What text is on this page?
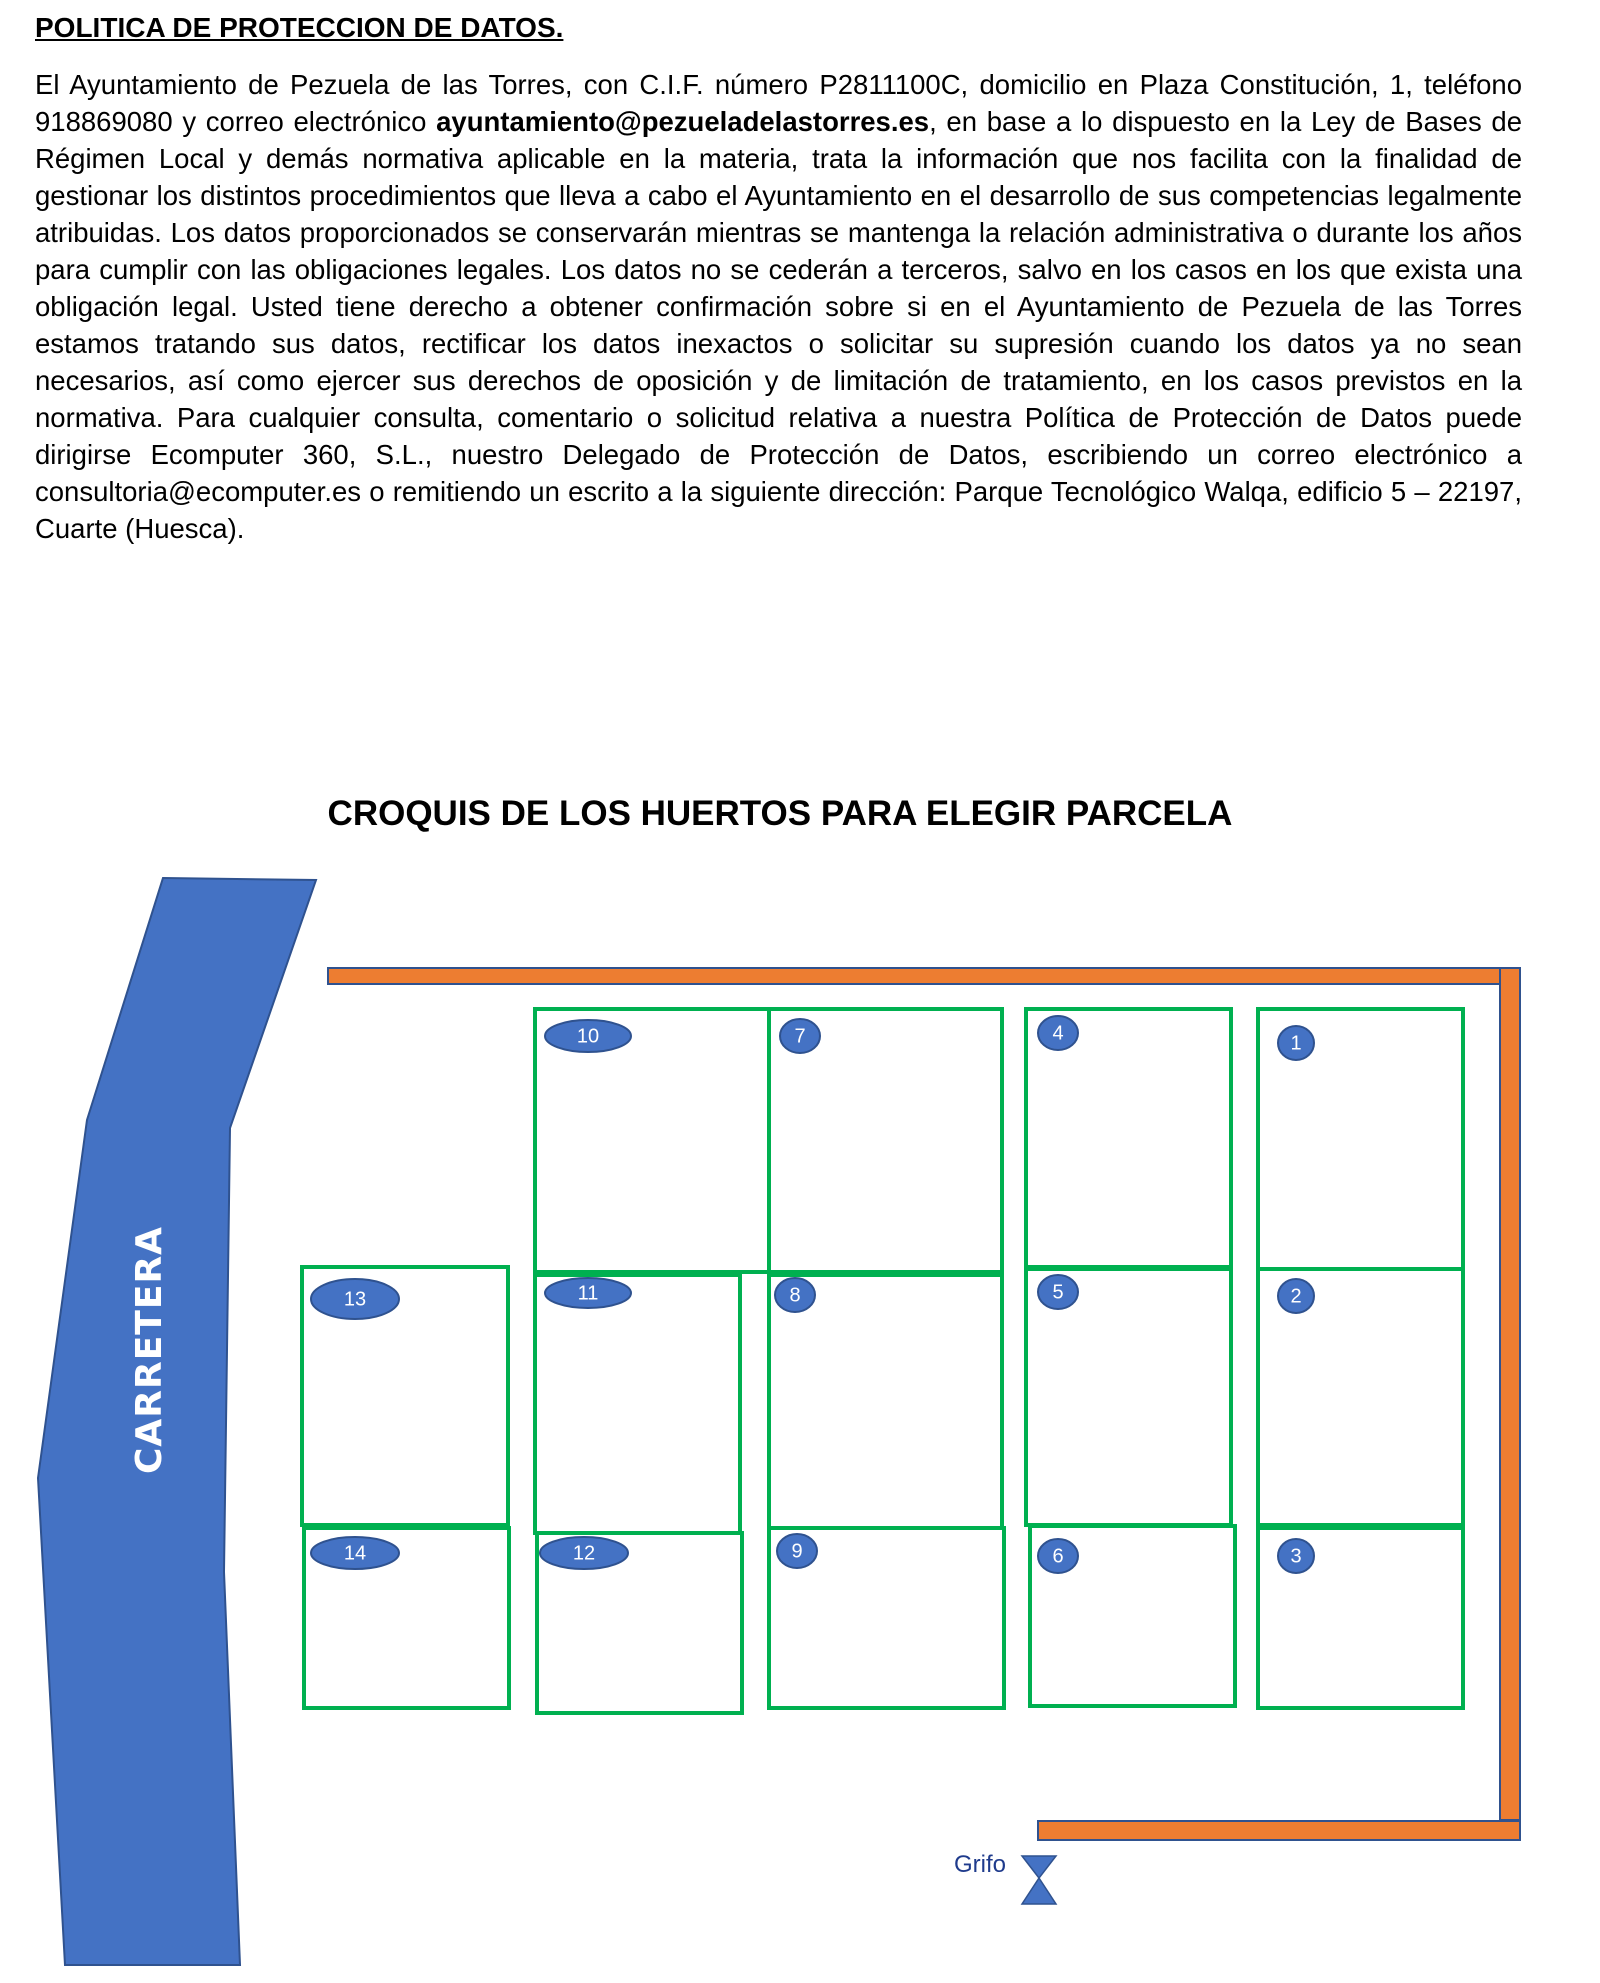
POLITICA DE PROTECCION DE DATOS.

El Ayuntamiento de Pezuela de las Torres, con C.I.F. número P2811100C, domicilio en Plaza Constitución, 1, teléfono 918869080 y correo electrónico ayuntamiento@pezueladelastorres.es, en base a lo dispuesto en la Ley de Bases de Régimen Local y demás normativa aplicable en la materia, trata la información que nos facilita con la finalidad de gestionar los distintos procedimientos que lleva a cabo el Ayuntamiento en el desarrollo de sus competencias legalmente atribuidas. Los datos proporcionados se conservarán mientras se mantenga la relación administrativa o durante los años para cumplir con las obligaciones legales. Los datos no se cederán a terceros, salvo en los casos en los que exista una obligación legal. Usted tiene derecho a obtener confirmación sobre si en el Ayuntamiento de Pezuela de las Torres estamos tratando sus datos, rectificar los datos inexactos o solicitar su supresión cuando los datos ya no sean necesarios, así como ejercer sus derechos de oposición y de limitación de tratamiento, en los casos previstos en la normativa. Para cualquier consulta, comentario o solicitud relativa a nuestra Política de Protección de Datos puede dirigirse Ecomputer 360, S.L., nuestro Delegado de Protección de Datos, escribiendo un correo electrónico a consultoria@ecomputer.es o remitiendo un escrito a la siguiente dirección: Parque Tecnológico Walqa, edificio 5 – 22197, Cuarte (Huesca).

CROQUIS DE LOS HUERTOS PARA ELEGIR PARCELA
CARRETERA
1
2
3
4
5
6
7
8
9
10
11
12
13
14
Grifo
